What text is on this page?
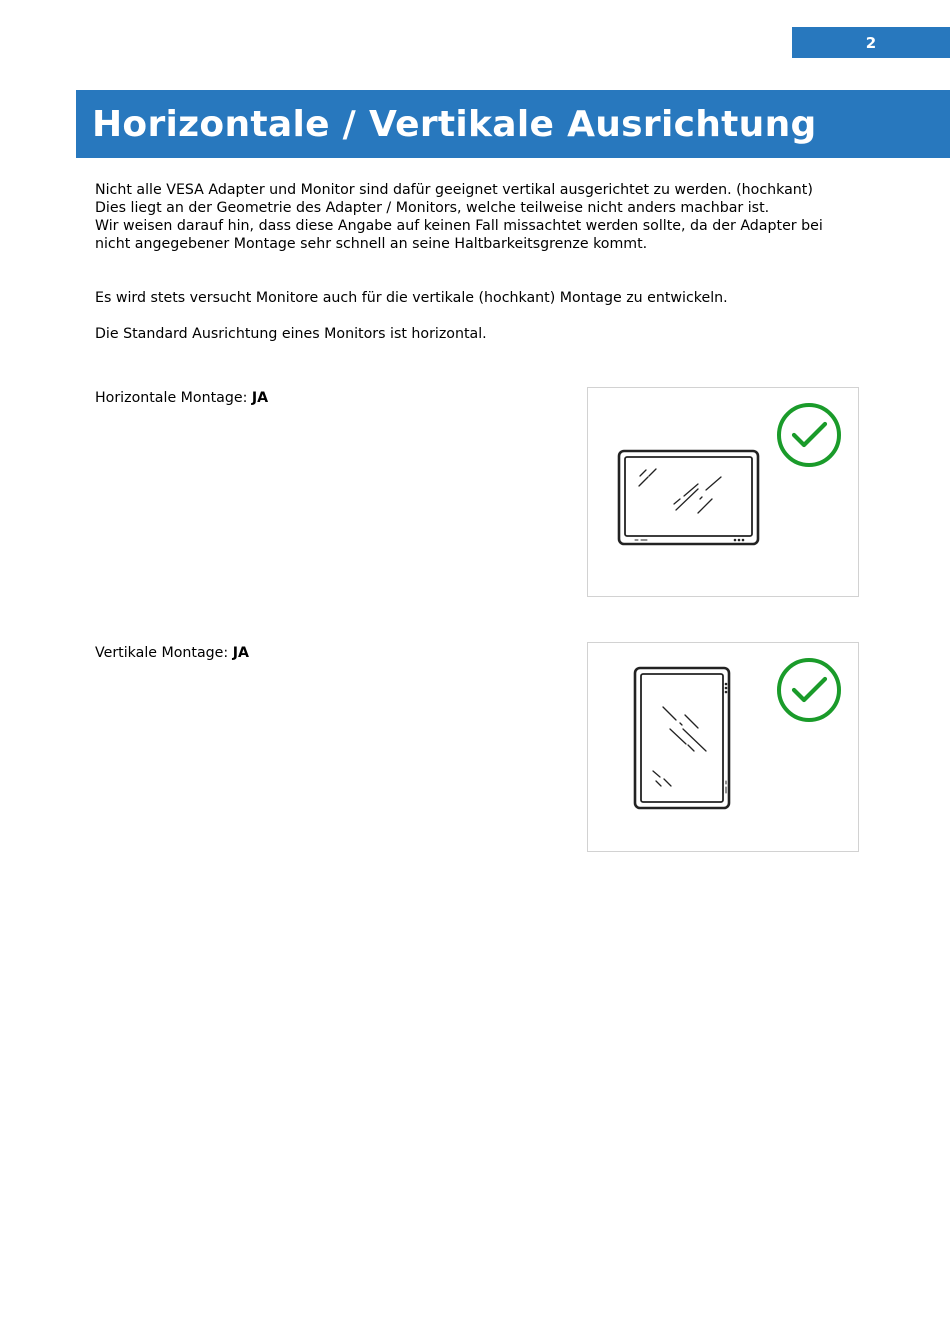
2
Horizontale / Vertikale Ausrichtung
Nicht alle VESA Adapter und Monitor sind dafür geeignet vertikal ausgerichtet zu werden. (hochkant)
Dies liegt an der Geometrie des Adapter / Monitors, welche teilweise nicht anders machbar ist.
Wir weisen darauf hin, dass diese Angabe auf keinen Fall missachtet werden sollte, da der Adapter bei
nicht angegebener Montage sehr schnell an seine Haltbarkeitsgrenze kommt.
Es wird stets versucht Monitore auch für die vertikale (hochkant) Montage zu entwickeln.
Die Standard Ausrichtung eines Monitors ist horizontal.
Horizontale Montage: JA
Vertikale Montage: JA
